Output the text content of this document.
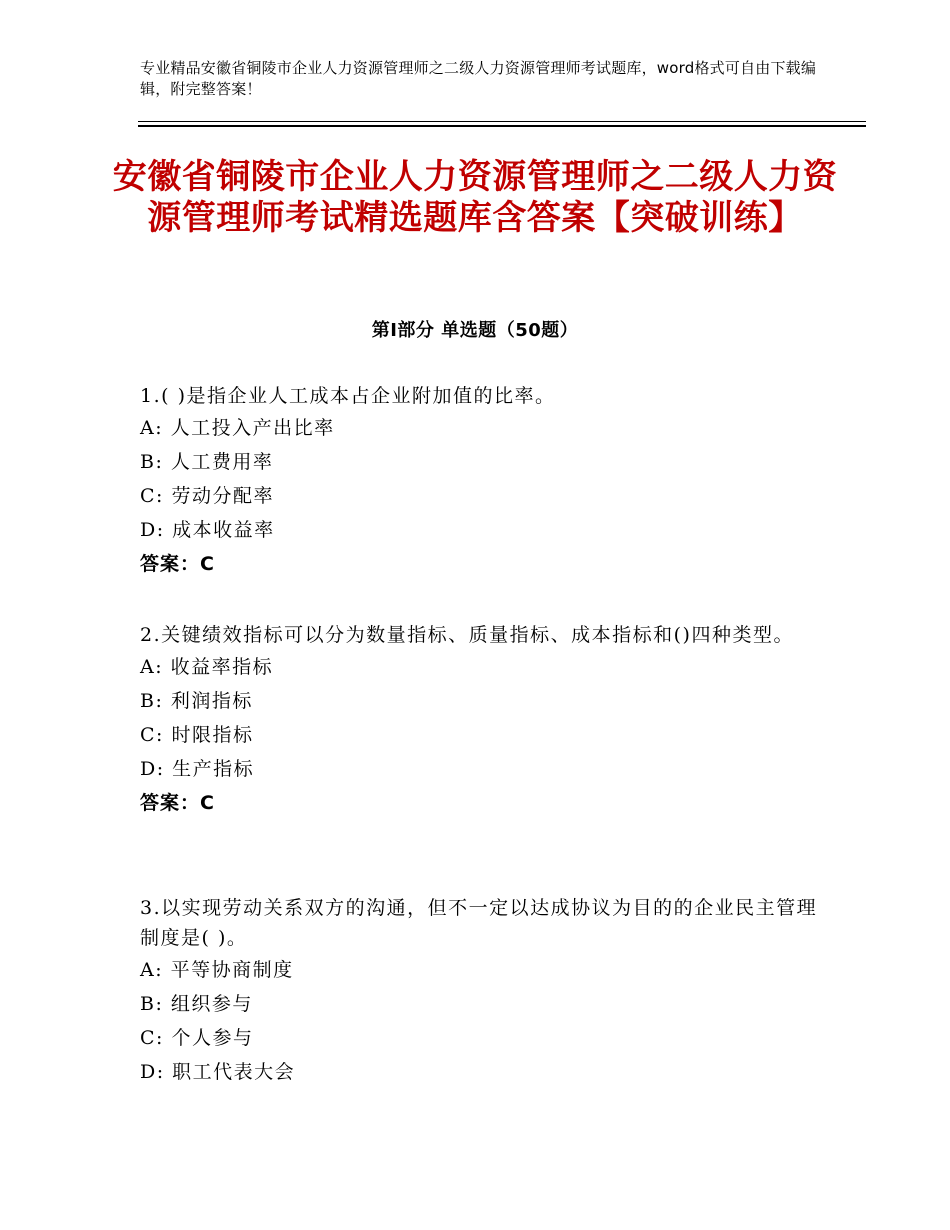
专业精品安徽省铜陵市企业人力资源管理师之二级人力资源管理师考试题库，word格式可自由下载编辑，附完整答案！
安徽省铜陵市企业人力资源管理师之二级人力资源管理师考试精选题库含答案【突破训练】
第Ⅰ部分 单选题（50题）
1.( )是指企业人工成本占企业附加值的比率。
A: 人工投入产出比率
B: 人工费用率
C: 劳动分配率
D: 成本收益率
答案：C
2.关键绩效指标可以分为数量指标、质量指标、成本指标和()四种类型。
A: 收益率指标
B: 利润指标
C: 时限指标
D: 生产指标
答案：C
3.以实现劳动关系双方的沟通，但不一定以达成协议为目的的企业民主管理制度是( )。
A: 平等协商制度
B: 组织参与
C: 个人参与
D: 职工代表大会
